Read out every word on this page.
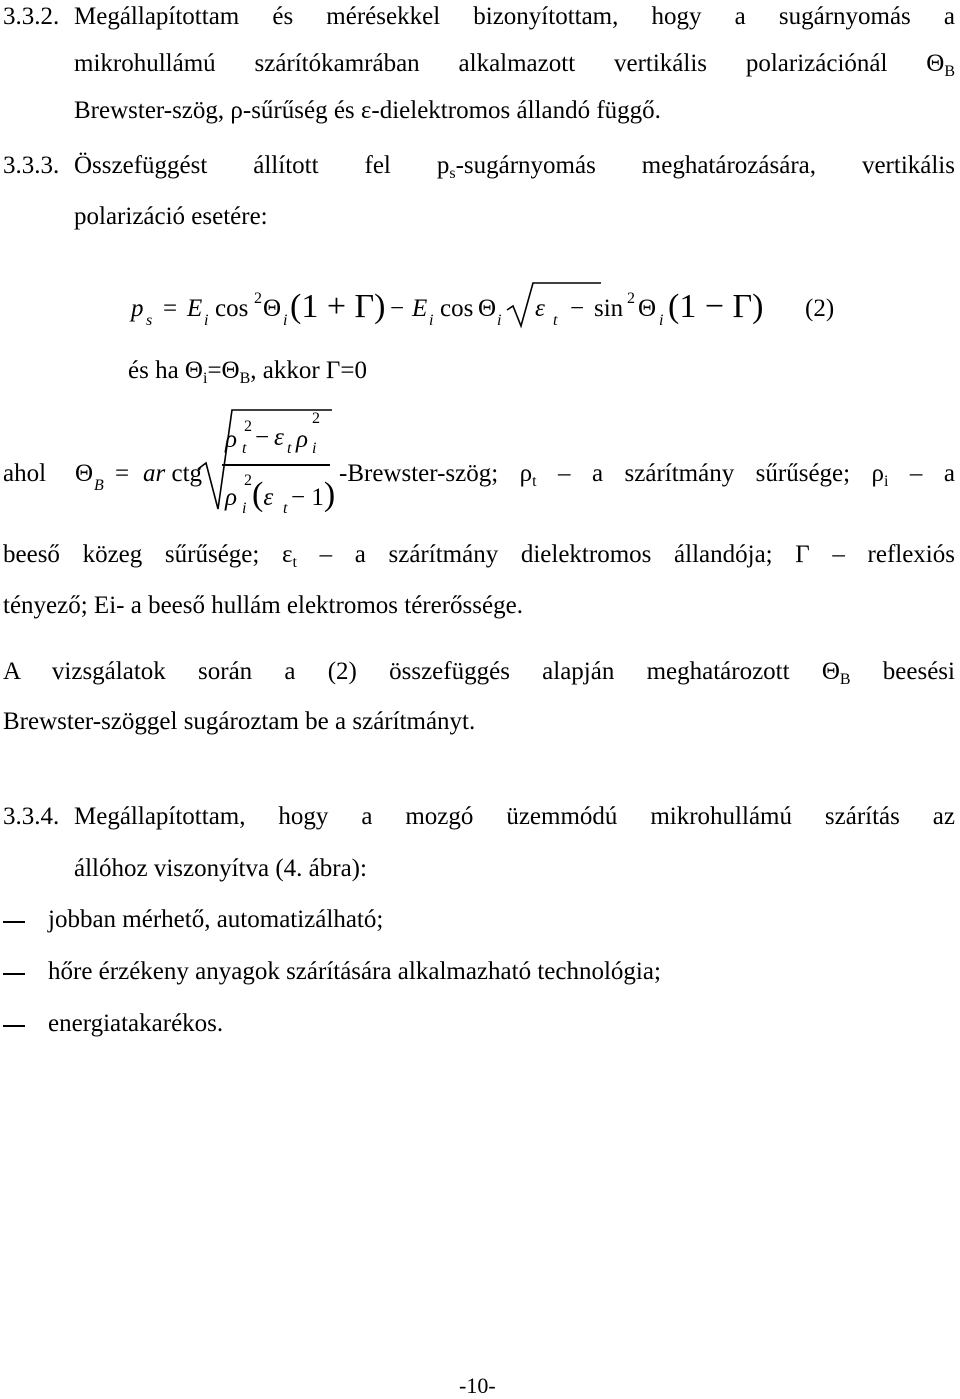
3.3.2. Megállapítottam és mérésekkel bizonyítottam, hogy a sugárnyomás a
mikrohullámú szárítókamrában alkalmazott vertikális polarizációnál $\Theta_B$
Brewster-szög, ρ-sűrűség és ε-dielektromos állandó függő.
3.3.3. Összefüggést állított fel $p_s$-sugárnyomás meghatározására, vertikális
polarizáció esetére:
p s = E i cos 2 Θ i (1 + Γ) − E i cos Θ i ε t − sin 2 Θ i (1 − Γ) (2)
és ha $\Theta_i=\Theta_B$, akkor Γ=0
ahol Θ B = ar ctg
ρ 2
t − ε t ρ
2
i
ρ
2
i (ε t − 1)
-Brewster-szög; $\rho_t$ – a szárítmány sűrűsége; $\rho_i$ – a
beeső közeg sűrűsége; $\varepsilon_t$ – a szárítmány dielektromos állandója; Γ – reflexiós
tényező; Ei- a beeső hullám elektromos térerőssége.
A vizsgálatok során a (2) összefüggés alapján meghatározott $\Theta_B$ beesési
Brewster-szöggel sugároztam be a szárítmányt.
3.3.4. Megállapítottam, hogy a mozgó üzemmódú mikrohullámú szárítás az
állóhoz viszonyítva (4. ábra):
jobban mérhető, automatizálható;
hőre érzékeny anyagok szárítására alkalmazható technológia;
energiatakarékos.
-10-
